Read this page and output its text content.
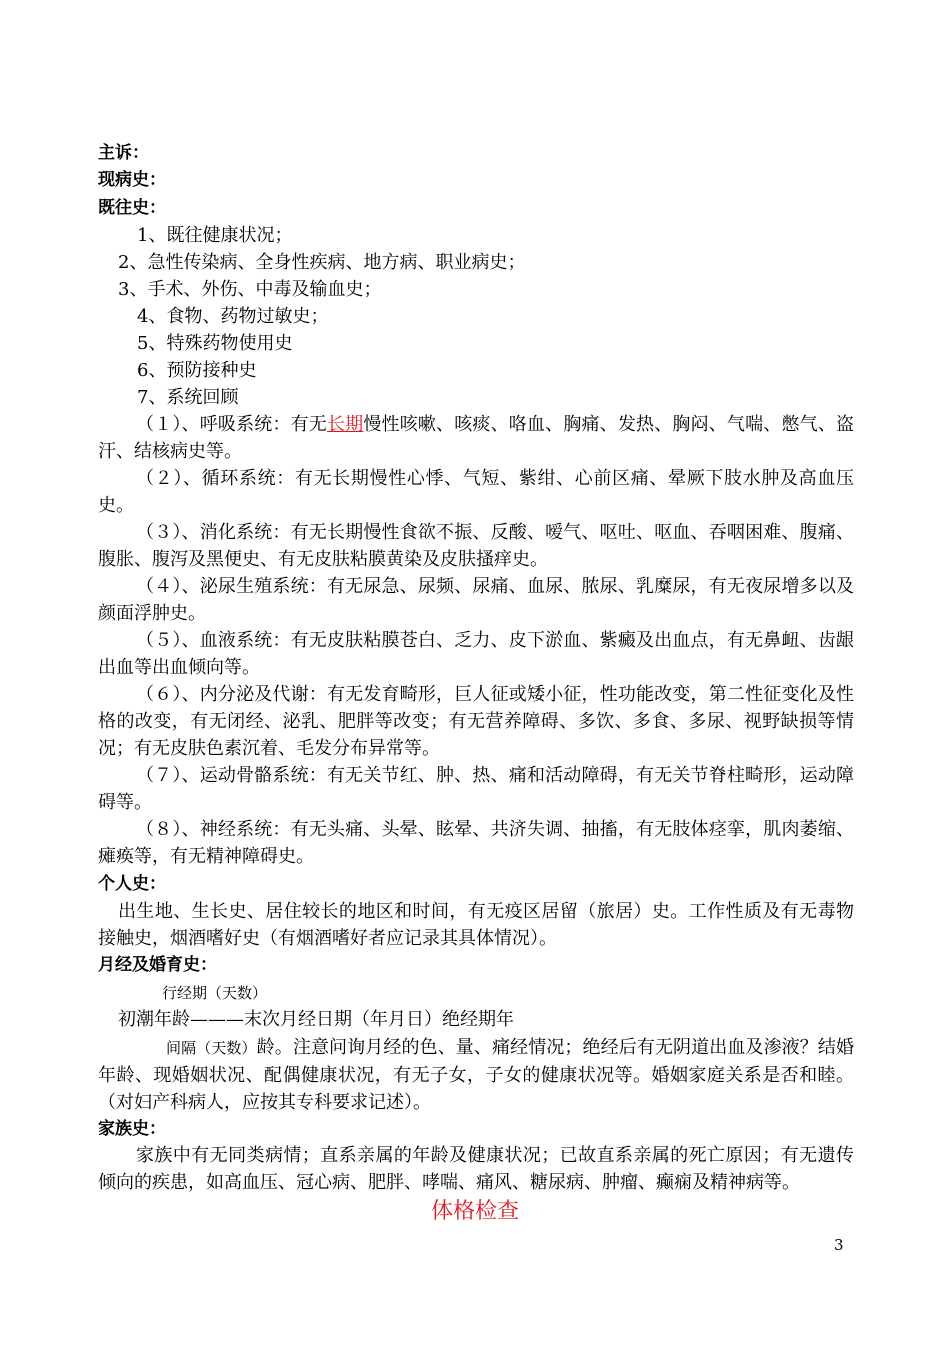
主诉：
现病史：
既往史：
1、既往健康状况；
2、急性传染病、全身性疾病、地方病、职业病史；
3、手术、外伤、中毒及输血史；
4、食物、药物过敏史；
5、特殊药物使用史
6、预防接种史
7、系统回顾
（１）、呼吸系统：有无长期慢性咳嗽、咳痰、咯血、胸痛、发热、胸闷、气喘、憋气、盗汗、结核病史等。
（２）、循环系统：有无长期慢性心悸、气短、紫绀、心前区痛、晕厥下肢水肿及高血压史。
（３）、消化系统：有无长期慢性食欲不振、反酸、嗳气、呕吐、呕血、吞咽困难、腹痛、腹胀、腹泻及黑便史、有无皮肤粘膜黄染及皮肤搔痒史。
（４）、泌尿生殖系统：有无尿急、尿频、尿痛、血尿、脓尿、乳糜尿，有无夜尿增多以及颜面浮肿史。
（５）、血液系统：有无皮肤粘膜苍白、乏力、皮下淤血、紫癜及出血点，有无鼻衄、齿龈出血等出血倾向等。
（６）、内分泌及代谢：有无发育畸形，巨人征或矮小征，性功能改变，第二性征变化及性格的改变，有无闭经、泌乳、肥胖等改变；有无营养障碍、多饮、多食、多尿、视野缺损等情况；有无皮肤色素沉着、毛发分布异常等。
（７）、运动骨骼系统：有无关节红、肿、热、痛和活动障碍，有无关节脊柱畸形，运动障碍等。
（８）、神经系统：有无头痛、头晕、眩晕、共济失调、抽搐，有无肢体痉挛，肌肉萎缩、瘫痪等，有无精神障碍史。
个人史：
出生地、生长史、居住较长的地区和时间，有无疫区居留（旅居）史。工作性质及有无毒物接触史，烟酒嗜好史（有烟酒嗜好者应记录其具体情况）。
月经及婚育史：
行经期（天数）
初潮年龄———末次月经日期（年月日）绝经期年
间隔（天数）龄。注意问询月经的色、量、痛经情况；绝经后有无阴道出血及渗液？结婚年龄、现婚姻状况、配偶健康状况，有无子女，子女的健康状况等。婚姻家庭关系是否和睦。（对妇产科病人，应按其专科要求记述）。
家族史：
家族中有无同类病情；直系亲属的年龄及健康状况；已故直系亲属的死亡原因；有无遗传倾向的疾患，如高血压、冠心病、肥胖、哮喘、痛风、糖尿病、肿瘤、癫痫及精神病等。
体格检查
3
